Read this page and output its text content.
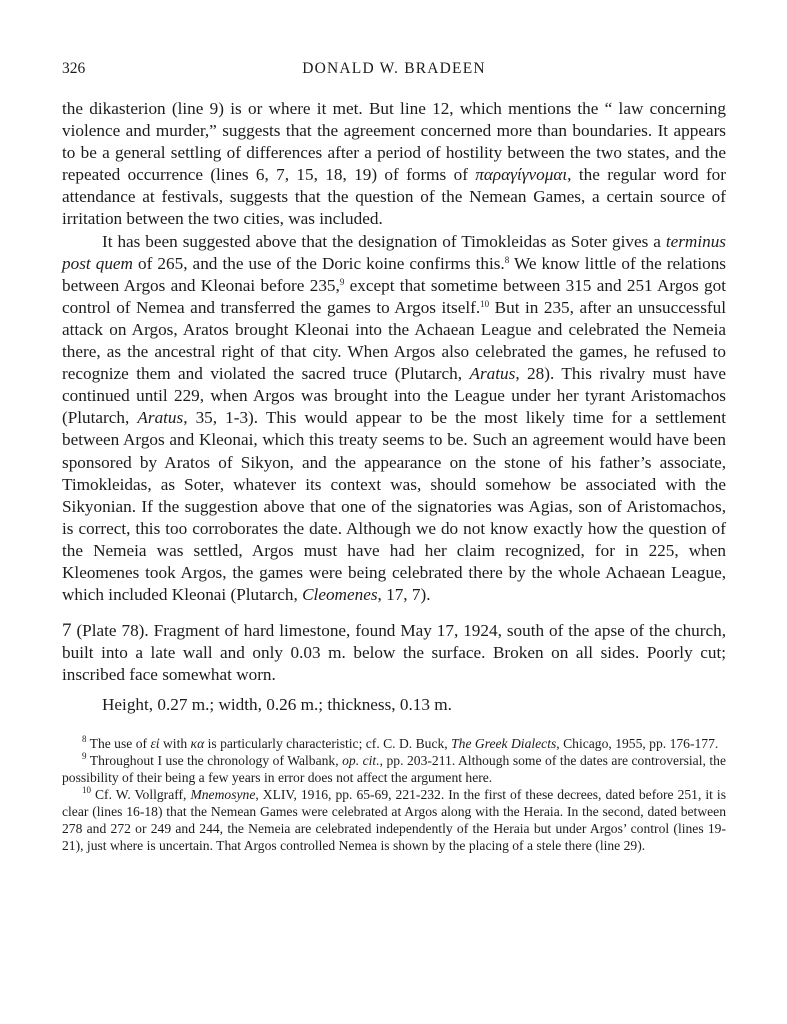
326	DONALD W. BRADEEN

the dikasterion (line 9) is or where it met. But line 12, which mentions the “ law concerning violence and murder,” suggests that the agreement concerned more than boundaries. It appears to be a general settling of differences after a period of hostility between the two states, and the repeated occurrence (lines 6, 7, 15, 18, 19) of forms of παραγίγνομαι, the regular word for attendance at festivals, suggests that the question of the Nemean Games, a certain source of irritation between the two cities, was included.

It has been suggested above that the designation of Timokleidas as Soter gives a terminus post quem of 265, and the use of the Doric koine confirms this.$^8$ We know little of the relations between Argos and Kleonai before 235,$^9$ except that sometime between 315 and 251 Argos got control of Nemea and transferred the games to Argos itself.$^{10}$ But in 235, after an unsuccessful attack on Argos, Aratos brought Kleonai into the Achaean League and celebrated the Nemeia there, as the ancestral right of that city. When Argos also celebrated the games, he refused to recognize them and violated the sacred truce (Plutarch, Aratus, 28). This rivalry must have continued until 229, when Argos was brought into the League under her tyrant Aristomachos (Plutarch, Aratus, 35, 1-3). This would appear to be the most likely time for a settlement between Argos and Kleonai, which this treaty seems to be. Such an agreement would have been sponsored by Aratos of Sikyon, and the appearance on the stone of his father’s associate, Timokleidas, as Soter, whatever its context was, should somehow be associated with the Sikyonian. If the suggestion above that one of the signatories was Agias, son of Aristomachos, is correct, this too corroborates the date. Although we do not know exactly how the question of the Nemeia was settled, Argos must have had her claim recognized, for in 225, when Kleomenes took Argos, the games were being celebrated there by the whole Achaean League, which included Kleonai (Plutarch, Cleomenes, 17, 7).

7 (Plate 78). Fragment of hard limestone, found May 17, 1924, south of the apse of the church, built into a late wall and only 0.03 m. below the surface. Broken on all sides. Poorly cut; inscribed face somewhat worn.

Height, 0.27 m.; width, 0.26 m.; thickness, 0.13 m.

$^8$ The use of εἰ with κα is particularly characteristic; cf. C. D. Buck, The Greek Dialects, Chicago, 1955, pp. 176-177.

$^9$ Throughout I use the chronology of Walbank, op. cit., pp. 203-211. Although some of the dates are controversial, the possibility of their being a few years in error does not affect the argument here.

$^{10}$ Cf. W. Vollgraff, Mnemosyne, XLIV, 1916, pp. 65-69, 221-232. In the first of these decrees, dated before 251, it is clear (lines 16-18) that the Nemean Games were celebrated at Argos along with the Heraia. In the second, dated between 278 and 272 or 249 and 244, the Nemeia are celebrated independently of the Heraia but under Argos’ control (lines 19-21), just where is uncertain. That Argos controlled Nemea is shown by the placing of a stele there (line 29).
